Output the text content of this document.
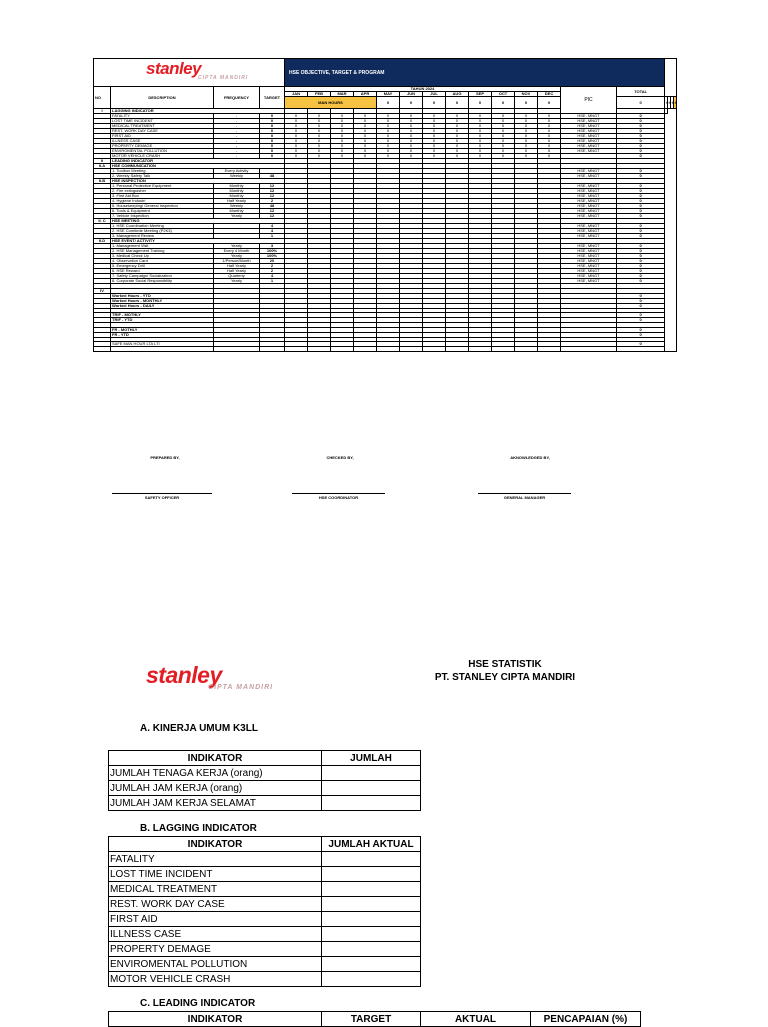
stanley
CIPTA MANDIRI
				HSE OBJECTIVE, TARGET & PROGRAM																	
NO	DESCRIPTION	FREQUENCY	TARGET	TAHUN 2024												PIC	TOTAL				
				JAN	FEB	MAR	APR	MAY	JUN	JUL	AUG	SEP	OCT	NOV	DEC						
				MAN HOURS				0	0	0	0	0	0	0	0		0	0	0	0	0
I	LAGGING INDICATOR																				
	FATALITY	-	0	0	0	0	0	0	0	0	0	0	0	0	0	HSE, MNGT	0				
	LOST TIME INCIDENT	-	0	0	0	0	0	0	0	0	0	0	0	0	0	HSE, MNGT	0				
	MEDICAL TREATMENT	-	0	0	0	0	0	0	0	0	0	0	0	0	0	HSE, MNGT	0				
	REST. WORK DAY CASE	-	0	0	0	0	0	0	0	0	0	0	0	0	0	HSE, MNGT	0				
	FIRST AID	-	0	0	0	0	0	0	0	0	0	0	0	0	0	HSE, MNGT	0				
	ILLNESS CASE	-	0	0	0	0	0	0	0	0	0	0	0	0	0	HSE, MNGT	0				
	PROPERTY DEMAGE	-	0	0	0	0	0	0	0	0	0	0	0	0	0	HSE, MNGT	0				
	ENVIROMENTAL POLLUTION	-	0	0	0	0	0	0	0	0	0	0	0	0	0	HSE, MNGT	0				
	MOTOR VEHICLE CRASH	-	0	0	0	0	0	0	0	0	0	0	0	0	0		0				
II	LEADING INDICATOR																				
II.A	HSE COMMUNICATION																				
	1. Toolbox Meeting	Every Activity														HSE, MNGT	0				
	2. Weekly Safety Talk	Weekly	48													HSE, MNGT	0				
II.B	HSE INSPECTION																				
	1. Personal Protective Equipment	Monthly	12													HSE, MNGT	0				
	2. Fire extinguisher	Monthly	12													HSE, MNGT	0				
	3. First Aid Box	Monthly	12													HSE, MNGT	0				
	4. Hygiene Industri	Half Yearly	2													HSE, MNGT	0				
	5. Housekeeping/ General Inspection	Weekly	48													HSE, MNGT	0				
	6. Tools & Equipment	Monthly	12													HSE, MNGT	0				
	7. Vehicle Inspection	Yearly	12													HSE, MNGT	0				
II. C	HSE MEETING																				
	1. HSE Coordination Meeting		4													HSE, MNGT	0				
	2. HSE Comitede Meeting (P2K3)		4													HSE, MNGT	0				
	3. Management Review		1													HSE, MNGT	0				
II.D	HSE EVENT/ ACTIVITY																				
	1. Management Visit	Yearly	3													HSE, MNGT	0				
	2. HSE Management Training	Every 4 Month	100%													HSE, MNGT	0				
	3. Medical Check Up	Yearly	100%													HSE, MNGT	0				
	4. Observation Card	1/Person/Month	20													HSE, MNGT	0				
	5. Emergency Drill	Half Yearly	2													HSE, MNGT	0				
	6. HSE Reward	Half Yearly	2													HSE, MNGT	0				
	7. Safety Campaign/ Socialization	Quarterly	4													HSE, MNGT	0				
	8. Corporate Social Responsibility	Yearly	1													HSE, MNGT	0				

IV																					
	Worked Hours - YTD																0				
	Worked Hours - MONTHLY																0				
	Worked Hours - DAILY																0				

	TRIF - MOTHLY																0				
	TRIF - YTD																0				

	FR - MOTHLY																0				
	FR - YTD																0				

	SAFE MAN HOUR LTA LTI																0				

PREPARED BY,	CHECKED BY,	AKNOWLEDGED BY,
SAFETY OFFICER	HSE COORDINATOR	GENERAL MANAGER
stanley
CIPTA MANDIRI
HSE STATISTIK
PT. STANLEY CIPTA MANDIRI
A. KINERJA UMUM K3LL
INDIKATOR	JUMLAH
JUMLAH TENAGA KERJA (orang)	
JUMLAH JAM KERJA (orang)	
JUMLAH JAM KERJA SELAMAT	
B. LAGGING INDICATOR
INDIKATOR	JUMLAH AKTUAL
FATALITY	
LOST TIME INCIDENT	
MEDICAL TREATMENT	
REST. WORK DAY CASE	
FIRST AID	
ILLNESS CASE	
PROPERTY DEMAGE	
ENVIROMENTAL POLLUTION	
MOTOR VEHICLE CRASH	
C. LEADING INDICATOR
INDIKATOR	TARGET	AKTUAL	PENCAPAIAN (%)
